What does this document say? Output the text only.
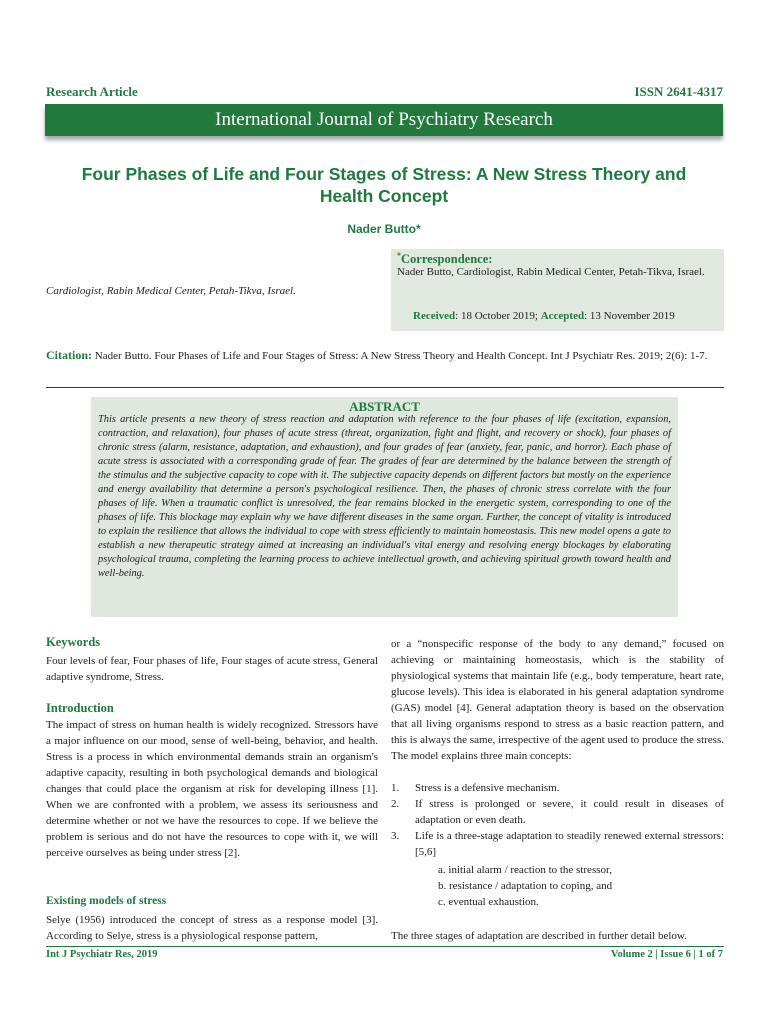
Research Article	ISSN 2641-4317
International Journal of Psychiatry Research
Four Phases of Life and Four Stages of Stress: A New Stress Theory and Health Concept
Nader Butto*
Cardiologist, Rabin Medical Center, Petah-Tikva, Israel.
*Correspondence:
Nader Butto, Cardiologist, Rabin Medical Center, Petah-Tikva, Israel.
Received: 18 October 2019; Accepted: 13 November 2019
Citation: Nader Butto. Four Phases of Life and Four Stages of Stress: A New Stress Theory and Health Concept. Int J Psychiatr Res. 2019; 2(6): 1-7.
ABSTRACT
This article presents a new theory of stress reaction and adaptation with reference to the four phases of life (excitation, expansion, contraction, and relaxation), four phases of acute stress (threat, organization, fight and flight, and recovery or shock), four phases of chronic stress (alarm, resistance, adaptation, and exhaustion), and four grades of fear (anxiety, fear, panic, and horror). Each phase of acute stress is associated with a corresponding grade of fear. The grades of fear are determined by the balance between the strength of the stimulus and the subjective capacity to cope with it. The subjective capacity depends on different factors but mostly on the experience and energy availability that determine a person's psychological resilience. Then, the phases of chronic stress correlate with the four phases of life. When a traumatic conflict is unresolved, the fear remains blocked in the energetic system, corresponding to one of the phases of life. This blockage may explain why we have different diseases in the same organ. Further, the concept of vitality is introduced to explain the resilience that allows the individual to cope with stress efficiently to maintain homeostasis. This new model opens a gate to establish a new therapeutic strategy aimed at increasing an individual's vital energy and resolving energy blockages by elaborating psychological trauma, completing the learning process to achieve intellectual growth, and achieving spiritual growth toward health and well-being.
Keywords
Four levels of fear, Four phases of life, Four stages of acute stress, General adaptive syndrome, Stress.
Introduction
The impact of stress on human health is widely recognized. Stressors have a major influence on our mood, sense of well-being, behavior, and health. Stress is a process in which environmental demands strain an organism's adaptive capacity, resulting in both psychological demands and biological changes that could place the organism at risk for developing illness [1]. When we are confronted with a problem, we assess its seriousness and determine whether or not we have the resources to cope. If we believe the problem is serious and do not have the resources to cope with it, we will perceive ourselves as being under stress [2].
Existing models of stress
Selye (1956) introduced the concept of stress as a response model [3]. According to Selye, stress is a physiological response pattern,
or a “nonspecific response of the body to any demand,” focused on achieving or maintaining homeostasis, which is the stability of physiological systems that maintain life (e.g., body temperature, heart rate, glucose levels). This idea is elaborated in his general adaptation syndrome (GAS) model [4]. General adaptation theory is based on the observation that all living organisms respond to stress as a basic reaction pattern, and this is always the same, irrespective of the agent used to produce the stress. The model explains three main concepts:
1. Stress is a defensive mechanism.
2. If stress is prolonged or severe, it could result in diseases of adaptation or even death.
3. Life is a three-stage adaptation to steadily renewed external stressors: [5,6]
a. initial alarm / reaction to the stressor,
b. resistance / adaptation to coping, and
c. eventual exhaustion.
The three stages of adaptation are described in further detail below.
Int J Psychiatr Res, 2019	Volume 2 | Issue 6 | 1 of 7
